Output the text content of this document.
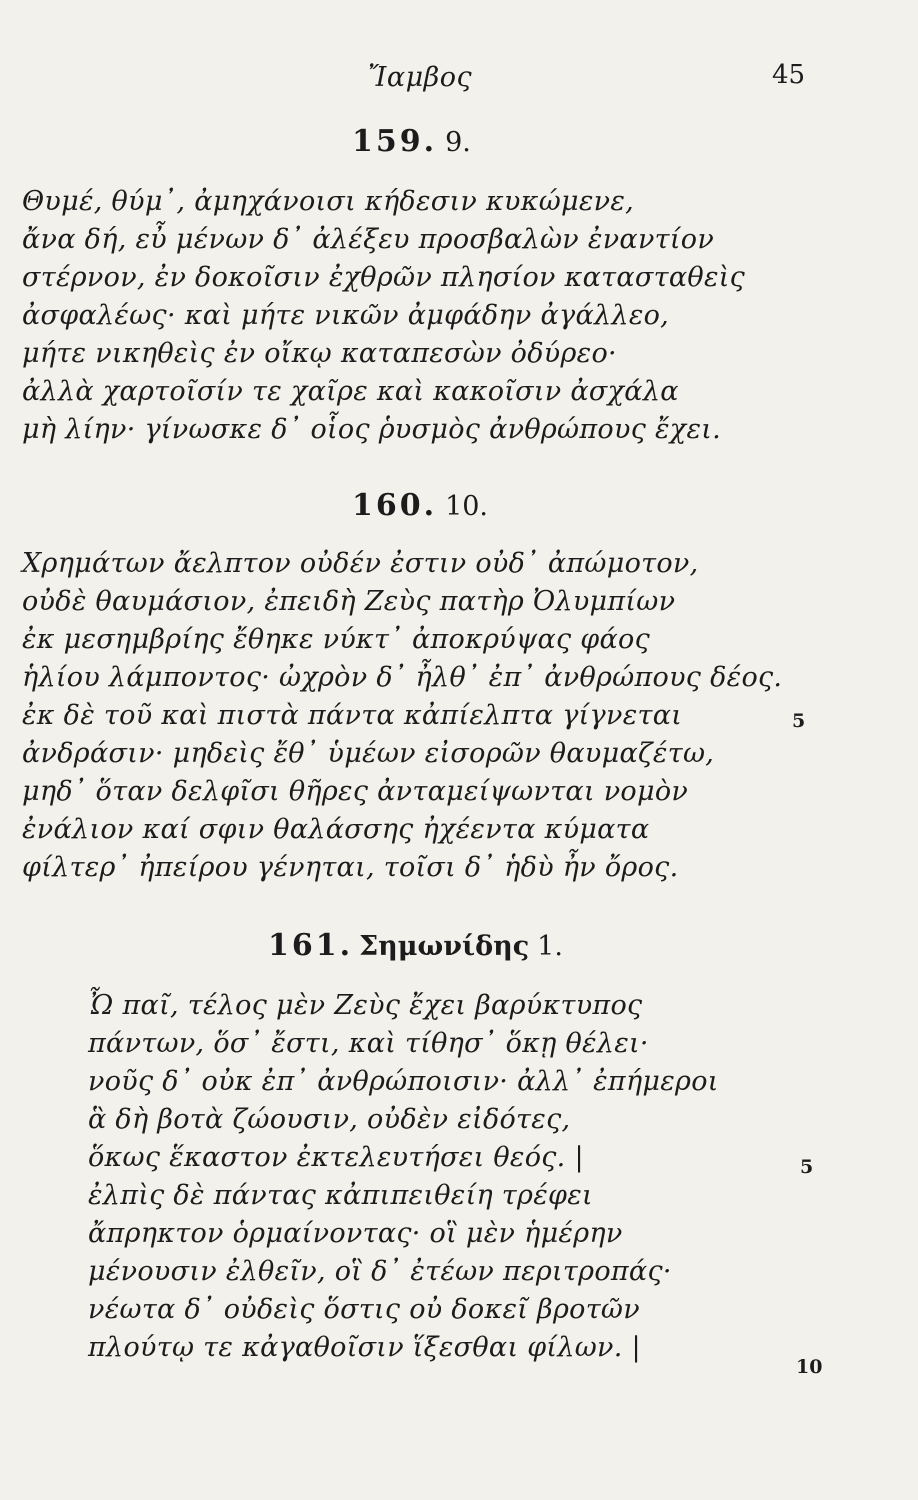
Ἴαμβος	45
159. 9.
Θυμέ, θύμ᾽, ἀμηχάνοισι κήδεσιν κυκώμενε,
ἄνα δή, εὖ μένων δ᾽ ἀλέξευ προσβαλὼν ἐναντίον
στέρνον, ἐν δοκοῖσιν ἐχθρῶν πλησίον κατασταθεὶς
ἀσφαλέως· καὶ μήτε νικῶν ἀμφάδην ἀγάλλεο,
μήτε νικηθεὶς ἐν οἴκῳ καταπεσὼν ὀδύρεο·
ἀλλὰ χαρτοῖσίν τε χαῖρε καὶ κακοῖσιν ἀσχάλα
μὴ λίην· γίνωσκε δ᾽ οἷος ῥυσμὸς ἀνθρώπους ἔχει.
160. 10.
Χρημάτων ἄελπτον οὐδέν ἐστιν οὐδ᾽ ἀπώμοτον,
οὐδὲ θαυμάσιον, ἐπειδὴ Ζεὺς πατὴρ Ὀλυμπίων
ἐκ μεσημβρίης ἔθηκε νύκτ᾽ ἀποκρύψας φάος
ἡλίου λάμποντος· ὠχρὸν δ᾽ ἦλθ᾽ ἐπ᾽ ἀνθρώπους δέος.
ἐκ δὲ τοῦ καὶ πιστὰ πάντα κἀπίελπτα γίγνεται
ἀνδράσιν· μηδεὶς ἔθ᾽ ὑμέων εἰσορῶν θαυμαζέτω,
μηδ᾽ ὅταν δελφῖσι θῆρες ἀνταμείψωνται νομὸν
ἐνάλιον καί σφιν θαλάσσης ἠχέεντα κύματα
φίλτερ᾽ ἠπείρου γένηται, τοῖσι δ᾽ ἡδὺ ἦν ὄρος.
5
161. Σημωνίδης 1.
Ὦ παῖ, τέλος μὲν Ζεὺς ἔχει βαρύκτυπος
πάντων, ὅσ᾽ ἔστι, καὶ τίθησ᾽ ὅκῃ θέλει·
νοῦς δ᾽ οὐκ ἐπ᾽ ἀνθρώποισιν· ἀλλ᾽ ἐπήμεροι
ἃ δὴ βοτὰ ζώουσιν, οὐδὲν εἰδότες,
ὅκως ἕκαστον ἐκτελευτήσει θεός. |
ἐλπὶς δὲ πάντας κἀπιπειθείη τρέφει
ἄπρηκτον ὁρμαίνοντας· οἳ μὲν ἡμέρην
μένουσιν ἐλθεῖν, οἳ δ᾽ ἐτέων περιτροπάς·
νέωτα δ᾽ οὐδεὶς ὅστις οὐ δοκεῖ βροτῶν
πλούτῳ τε κἀγαθοῖσιν ἵξεσθαι φίλων. |
5
10
